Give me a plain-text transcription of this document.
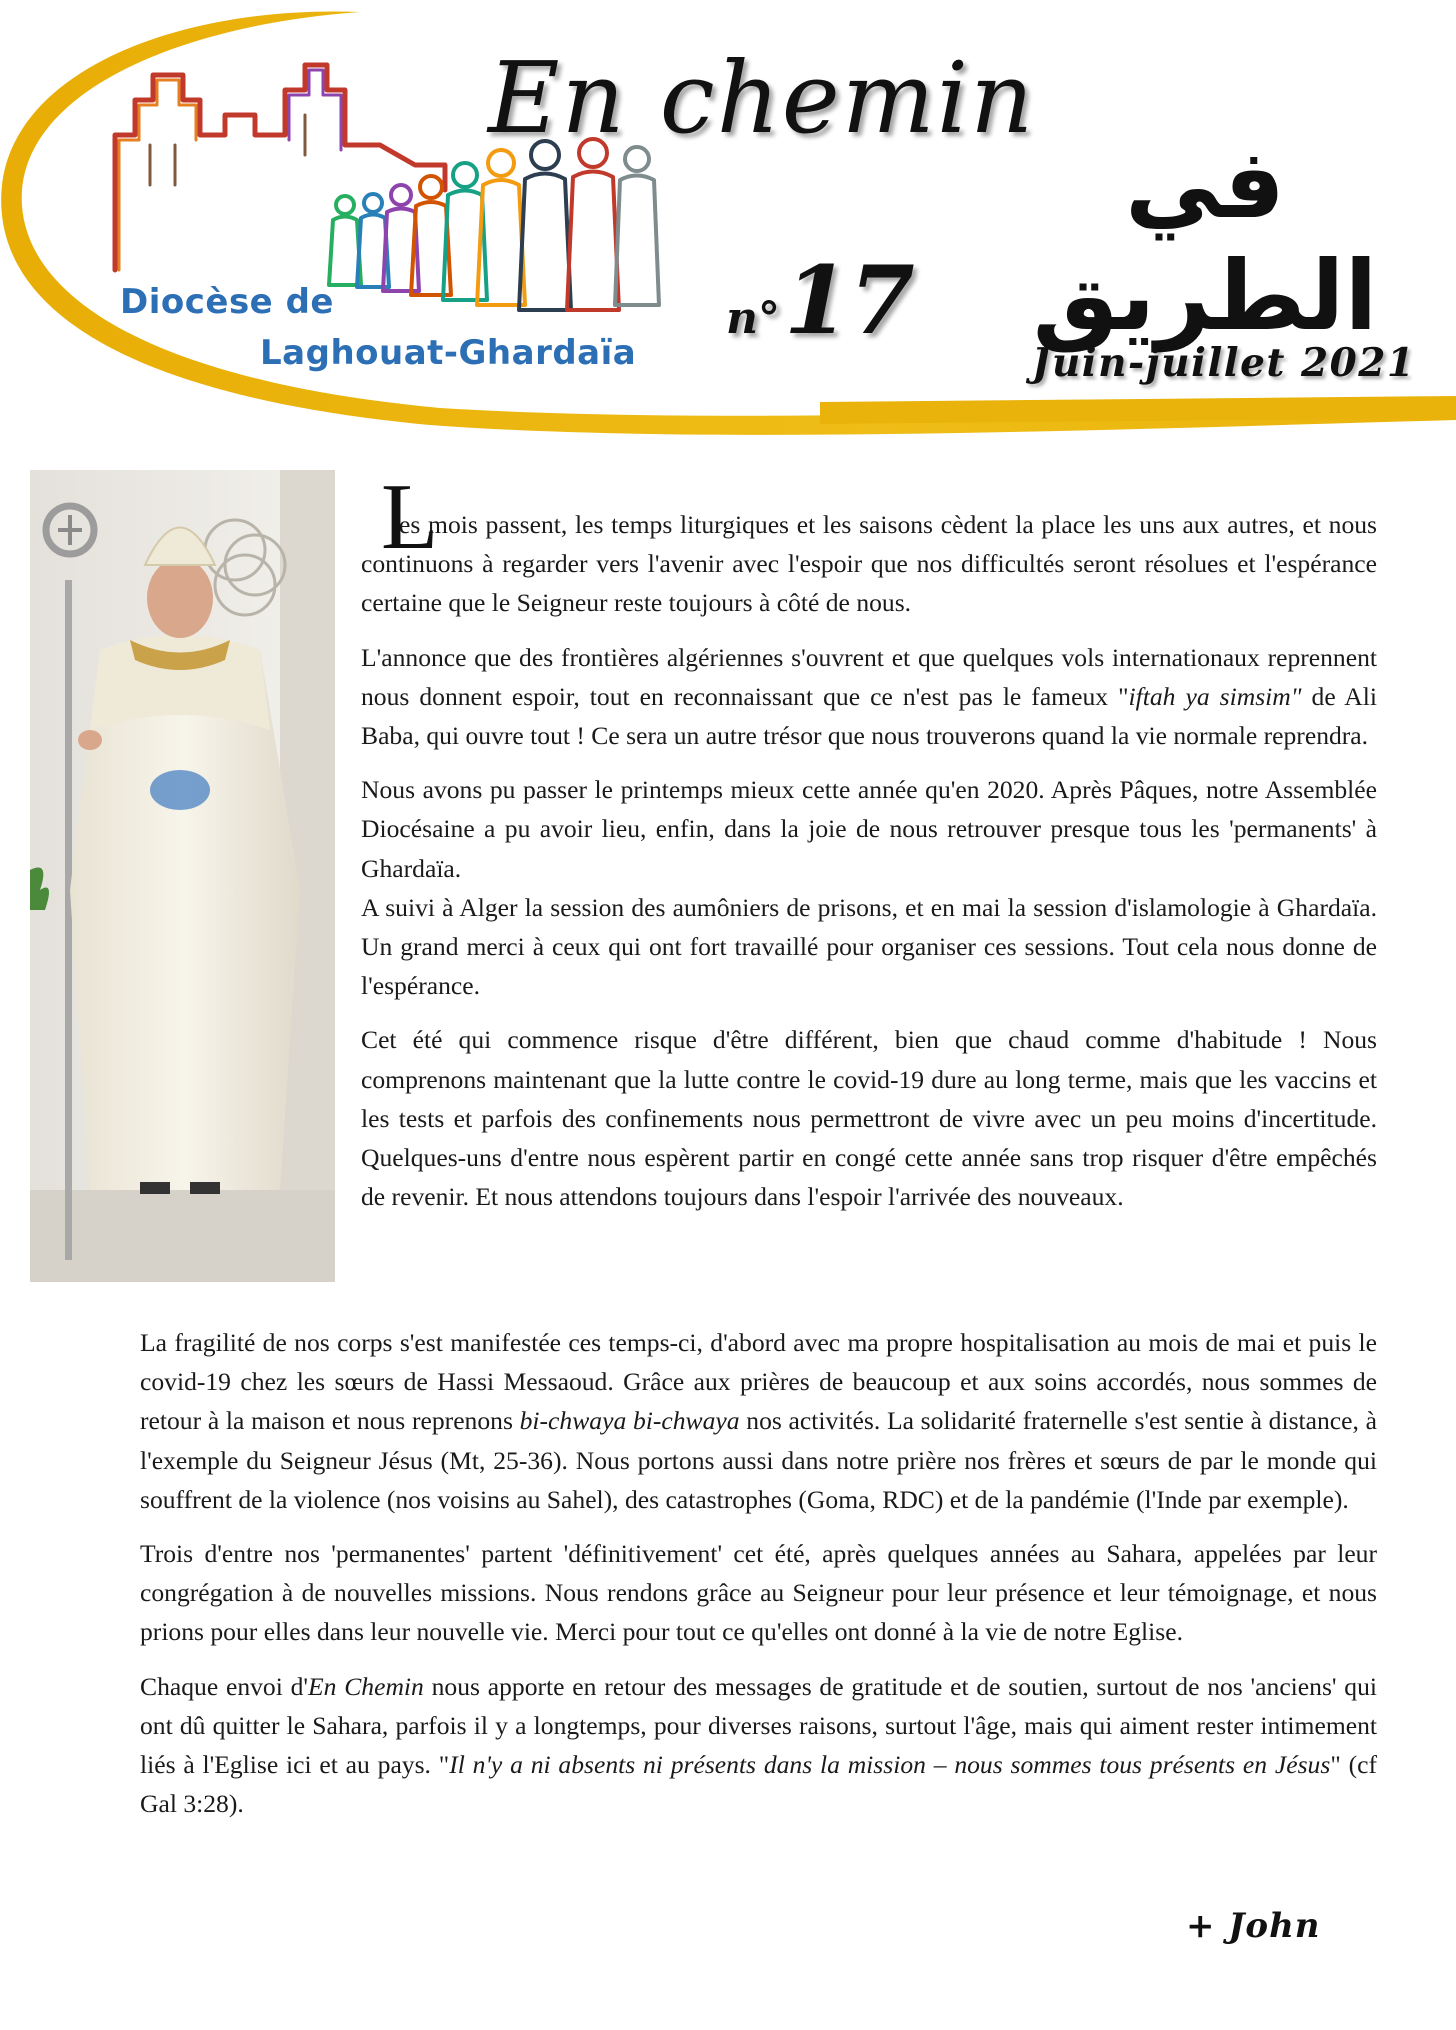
Diocèse de
Laghouat-Ghardaïa
En chemin
في الطريق
n°17
Juin-juillet 2021

L
es mois passent, les temps liturgiques et les saisons cèdent la place les uns aux autres, et nous continuons à regarder vers l'avenir avec l'espoir que nos difficultés seront résolues et l'espérance certaine que le Seigneur reste toujours à côté de nous.

L'annonce que des frontières algériennes s'ouvrent et que quelques vols internationaux reprennent nous donnent espoir, tout en reconnaissant que ce n'est pas le fameux "iftah ya simsim" de Ali Baba, qui ouvre tout ! Ce sera un autre trésor que nous trouverons quand la vie normale reprendra.

Nous avons pu passer le printemps mieux cette année qu'en 2020. Après Pâques, notre Assemblée Diocésaine a pu avoir lieu, enfin, dans la joie de nous retrouver presque tous les 'permanents' à Ghardaïa.
A suivi à Alger la session des aumôniers de prisons, et en mai la session d'islamologie à Ghardaïa. Un grand merci à ceux qui ont fort travaillé pour organiser ces sessions. Tout cela nous donne de l'espérance.

Cet été qui commence risque d'être différent, bien que chaud comme d'habitude ! Nous comprenons maintenant que la lutte contre le covid-19 dure au long terme, mais que les vaccins et les tests et parfois des confinements nous permettront de vivre avec un peu moins d'incertitude. Quelques-uns d'entre nous espèrent partir en congé cette année sans trop risquer d'être empêchés de revenir. Et nous attendons toujours dans l'espoir l'arrivée des nouveaux.

La fragilité de nos corps s'est manifestée ces temps-ci, d'abord avec ma propre hospitalisation au mois de mai et puis le covid-19 chez les sœurs de Hassi Messaoud. Grâce aux prières de beaucoup et aux soins accordés, nous sommes de retour à la maison et nous reprenons bi-chwaya bi-chwaya nos activités. La solidarité fraternelle s'est sentie à distance, à l'exemple du Seigneur Jésus (Mt, 25-36). Nous portons aussi dans notre prière nos frères et sœurs de par le monde qui souffrent de la violence (nos voisins au Sahel), des catastrophes (Goma, RDC) et de la pandémie (l'Inde par exemple).

Trois d'entre nos 'permanentes' partent 'définitivement' cet été, après quelques années au Sahara, appelées par leur congrégation à de nouvelles missions. Nous rendons grâce au Seigneur pour leur présence et leur témoignage, et nous prions pour elles dans leur nouvelle vie. Merci pour tout ce qu'elles ont donné à la vie de notre Eglise.

Chaque envoi d'En Chemin nous apporte en retour des messages de gratitude et de soutien, surtout de nos 'anciens' qui ont dû quitter le Sahara, parfois il y a longtemps, pour diverses raisons, surtout l'âge, mais qui aiment rester intimement liés à l'Eglise ici et au pays. "Il n'y a ni absents ni présents dans la mission – nous sommes tous présents en Jésus" (cf Gal 3:28).

+ John
